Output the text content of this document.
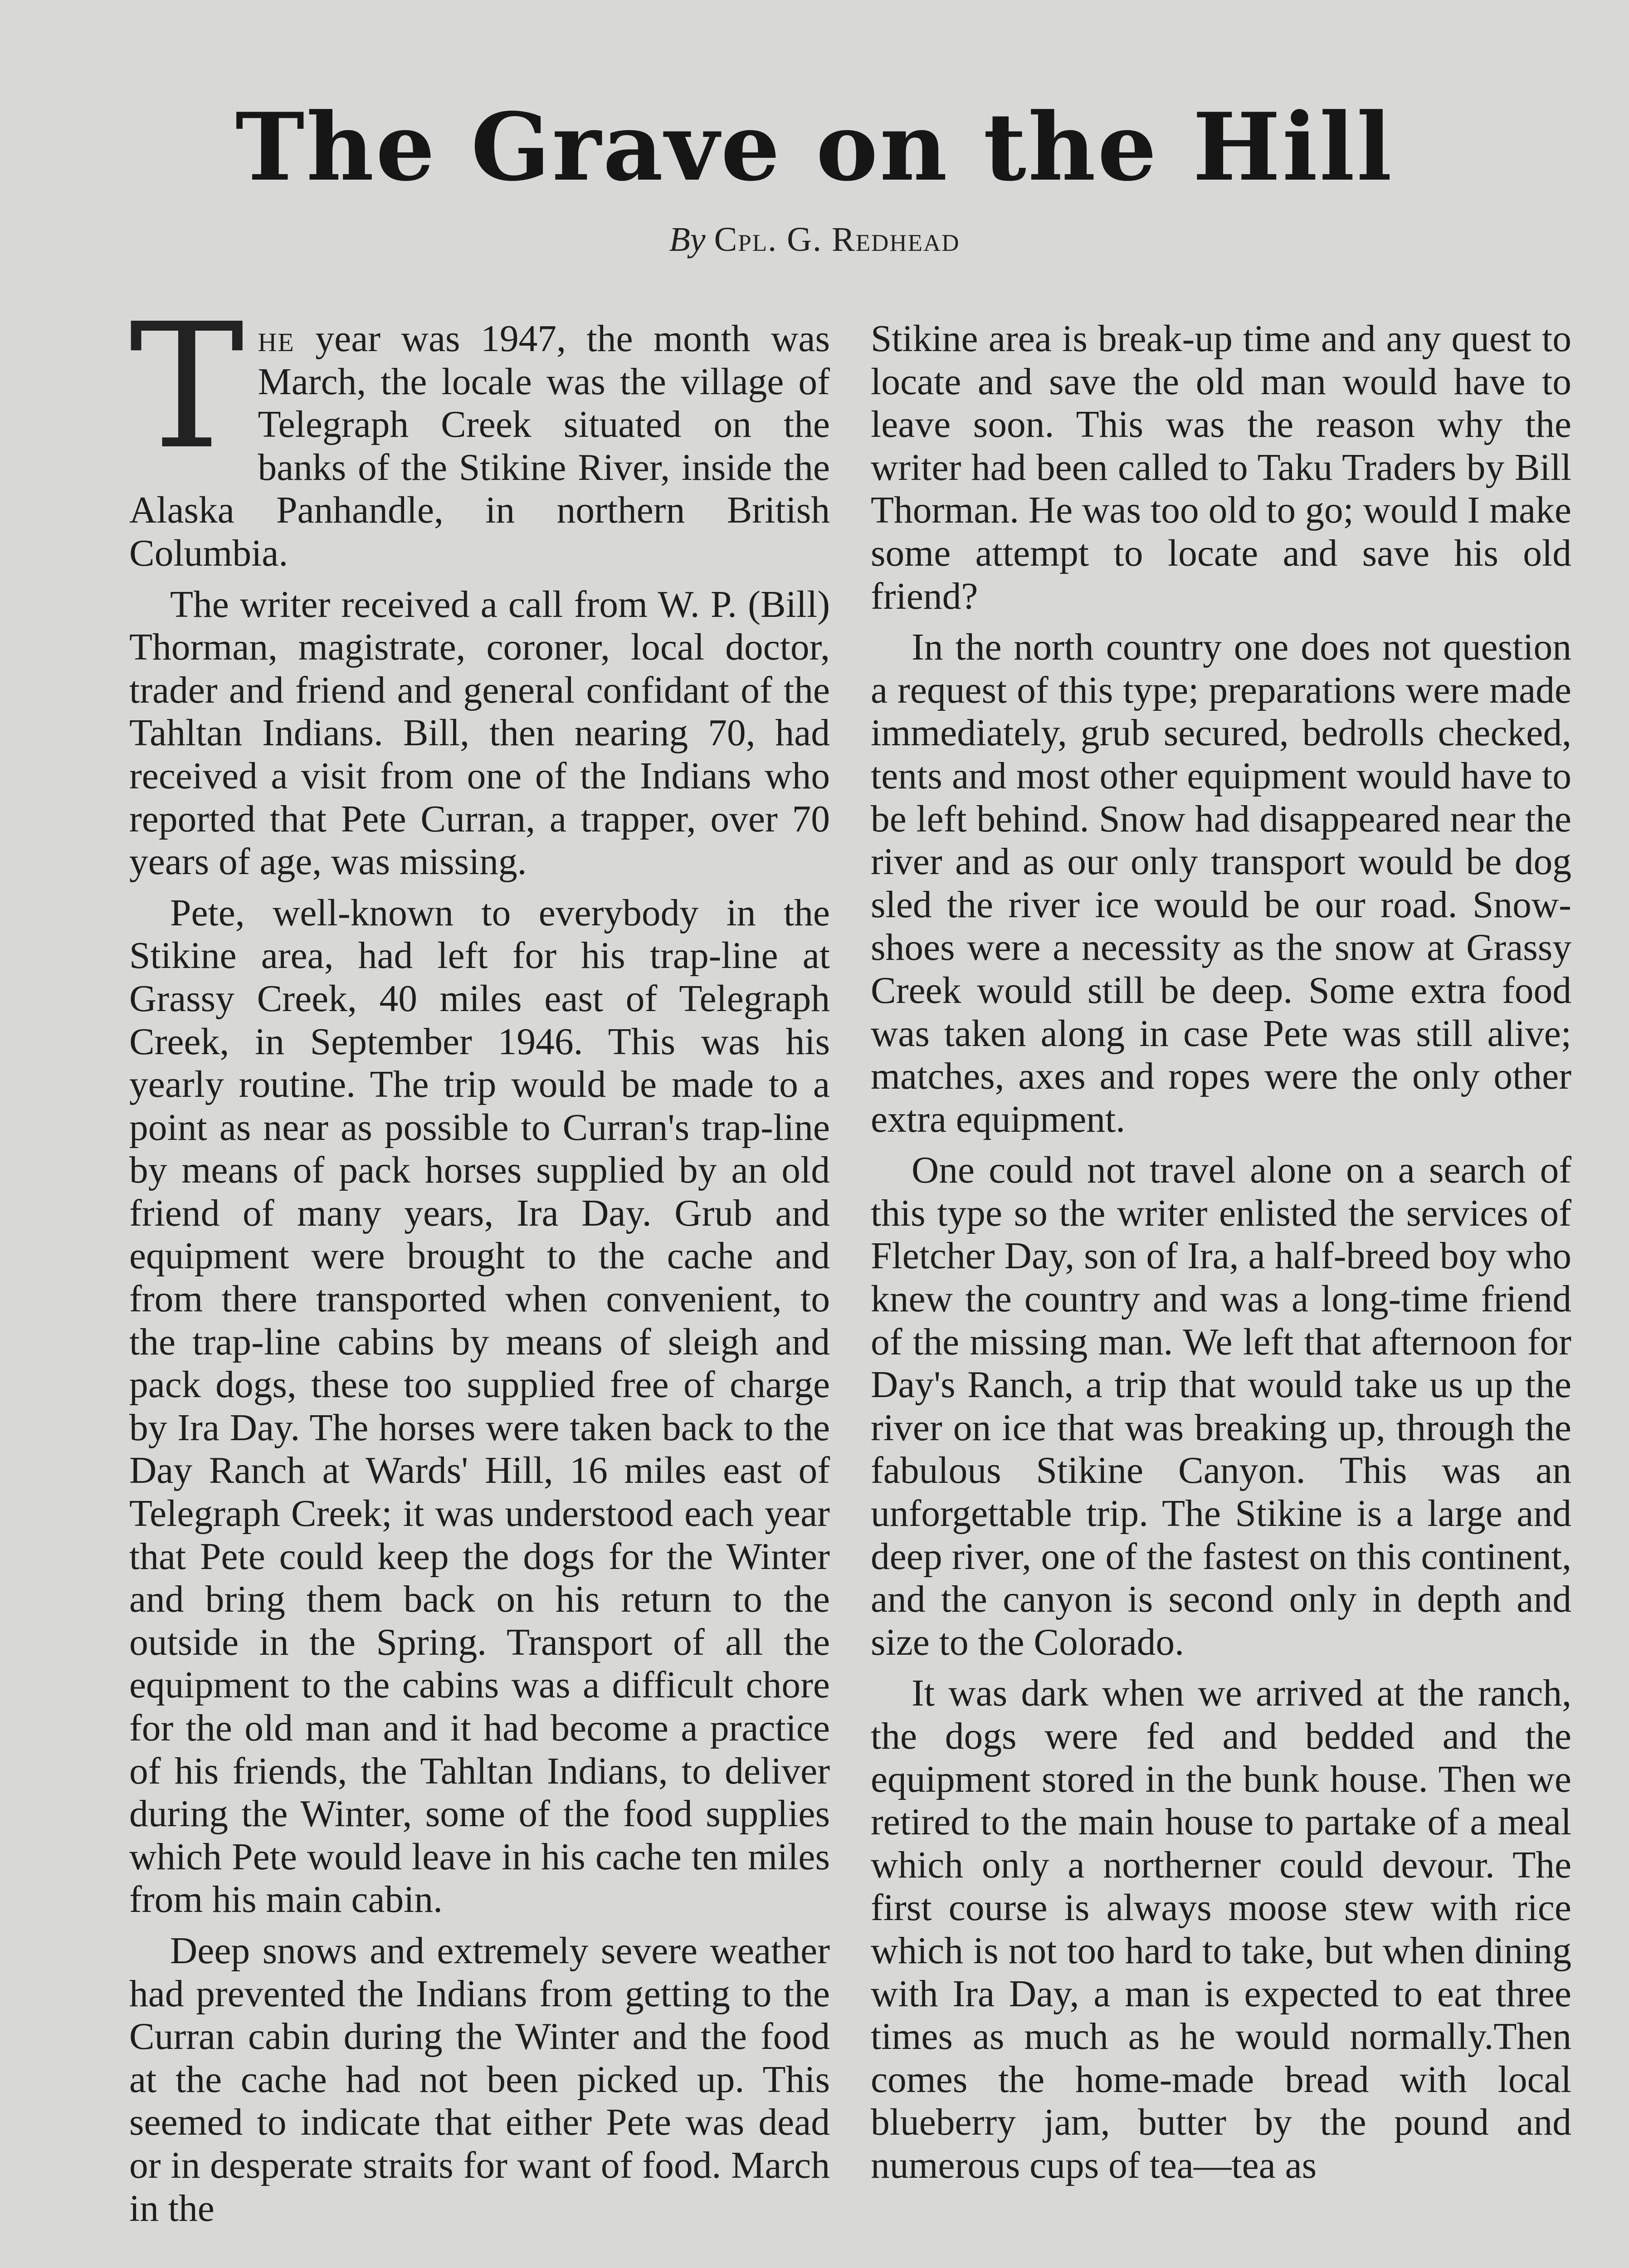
The Grave on the Hill
By Cpl. G. Redhead

The year was 1947, the month was March, the locale was the village of Telegraph Creek situated on the banks of the Stikine River, inside the Alaska Panhandle, in northern British Columbia.

The writer received a call from W. P. (Bill) Thorman, magistrate, coroner, local doctor, trader and friend and general confidant of the Tahltan Indians. Bill, then nearing 70, had received a visit from one of the Indians who reported that Pete Curran, a trapper, over 70 years of age, was missing.

Pete, well-known to everybody in the Stikine area, had left for his trap-line at Grassy Creek, 40 miles east of Telegraph Creek, in September 1946. This was his yearly routine. The trip would be made to a point as near as possible to Curran's trap-line by means of pack horses supplied by an old friend of many years, Ira Day. Grub and equipment were brought to the cache and from there transported when convenient, to the trap-line cabins by means of sleigh and pack dogs, these too supplied free of charge by Ira Day. The horses were taken back to the Day Ranch at Wards' Hill, 16 miles east of Telegraph Creek; it was understood each year that Pete could keep the dogs for the Winter and bring them back on his return to the outside in the Spring. Transport of all the equipment to the cabins was a difficult chore for the old man and it had become a practice of his friends, the Tahltan Indians, to deliver during the Winter, some of the food supplies which Pete would leave in his cache ten miles from his main cabin.

Deep snows and extremely severe weather had prevented the Indians from getting to the Curran cabin during the Winter and the food at the cache had not been picked up. This seemed to indicate that either Pete was dead or in desperate straits for want of food. March in the

Stikine area is break-up time and any quest to locate and save the old man would have to leave soon. This was the reason why the writer had been called to Taku Traders by Bill Thorman. He was too old to go; would I make some attempt to locate and save his old friend?

In the north country one does not question a request of this type; preparations were made immediately, grub secured, bedrolls checked, tents and most other equipment would have to be left behind. Snow had disappeared near the river and as our only transport would be dog sled the river ice would be our road. Snow-shoes were a necessity as the snow at Grassy Creek would still be deep. Some extra food was taken along in case Pete was still alive; matches, axes and ropes were the only other extra equipment.

One could not travel alone on a search of this type so the writer enlisted the services of Fletcher Day, son of Ira, a half-breed boy who knew the country and was a long-time friend of the missing man. We left that afternoon for Day's Ranch, a trip that would take us up the river on ice that was breaking up, through the fabulous Stikine Canyon. This was an unforgettable trip. The Stikine is a large and deep river, one of the fastest on this continent, and the canyon is second only in depth and size to the Colorado.

It was dark when we arrived at the ranch, the dogs were fed and bedded and the equipment stored in the bunk house. Then we retired to the main house to partake of a meal which only a northerner could devour. The first course is always moose stew with rice which is not too hard to take, but when dining with Ira Day, a man is expected to eat three times as much as he would normally.Then comes the home-made bread with local blueberry jam, butter by the pound and numerous cups of tea—tea as
